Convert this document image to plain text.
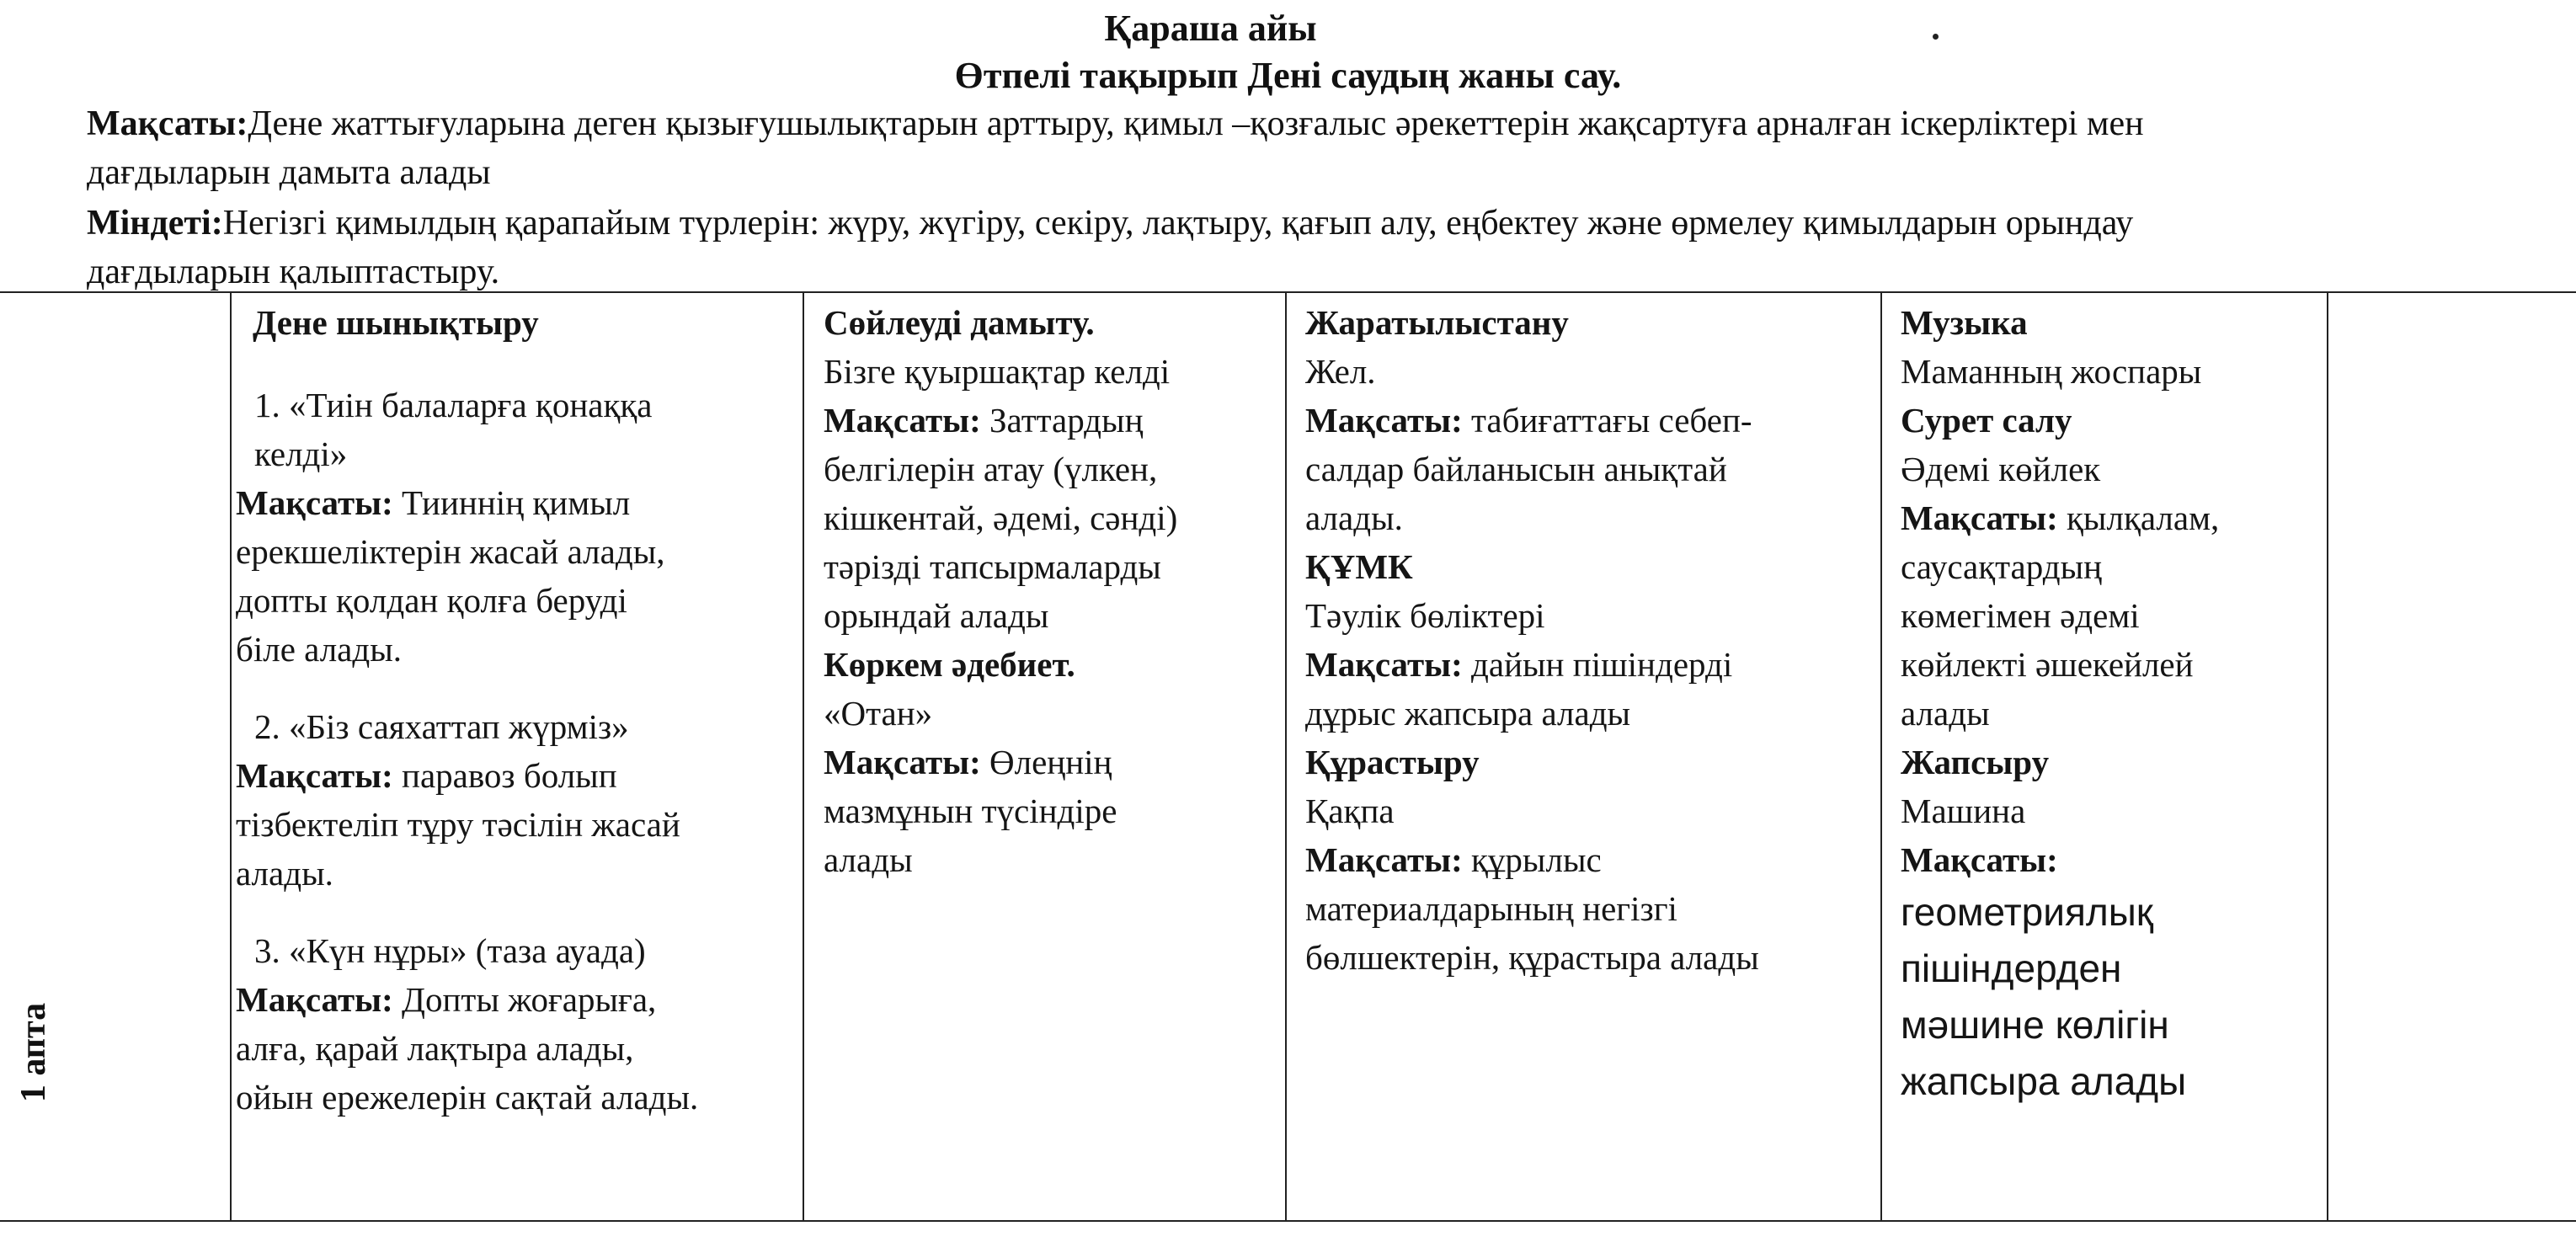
Қараша айы
Өтпелі тақырып Дені саудың жаны сау.
Мақсаты:Дене жаттығуларына деген қызығушылықтарын арттыру, қимыл –қозғалыс әрекеттерін жақсартуға арналған іскерліктері мен
дағдыларын дамыта алады
Міндеті:Негізгі қимылдың қарапайым түрлерін: жүру, жүгіру, секіру, лақтыру, қағып алу, еңбектеу және өрмелеу қимылдарын орындау
дағдыларын қалыптастыру.
1 апта
Дене шынықтыру
1. «Тиін балаларға қонаққа
келді»
Мақсаты: Тииннің қимыл
ерекшеліктерін жасай алады,
допты қолдан қолға беруді
біле алады.
2. «Біз саяхаттап жүрміз»
Мақсаты: паравоз болып
тізбектеліп тұру тәсілін жасай
алады.
3. «Күн нұры» (таза ауада)
Мақсаты: Допты жоғарыға,
алға, қарай лақтыра алады,
ойын ережелерін сақтай алады.
Сөйлеуді дамыту.
Бізге қуыршақтар келді
Мақсаты: Заттардың
белгілерін атау (үлкен,
кішкентай, әдемі, сәнді)
тәрізді тапсырмаларды
орындай алады
Көркем әдебиет.
«Отан»
Мақсаты: Өлеңнің
мазмұнын түсіндіре
алады
Жаратылыстану
Жел.
Мақсаты: табиғаттағы себеп-
салдар байланысын анықтай
алады.
ҚҰМК
Тәулік бөліктері
Мақсаты: дайын пішіндерді
дұрыс жапсыра алады
Құрастыру
Қақпа
Мақсаты: құрылыс
материалдарының негізгі
бөлшектерін, құрастыра алады
Музыка
Маманның жоспары
Сурет салу
Әдемі көйлек
Мақсаты: қылқалам,
саусақтардың
көмегімен әдемі
көйлекті әшекейлей
алады
Жапсыру
Машина
Мақсаты:
геометриялық
пішіндерден
мәшине көлігін
жапсыра алады
